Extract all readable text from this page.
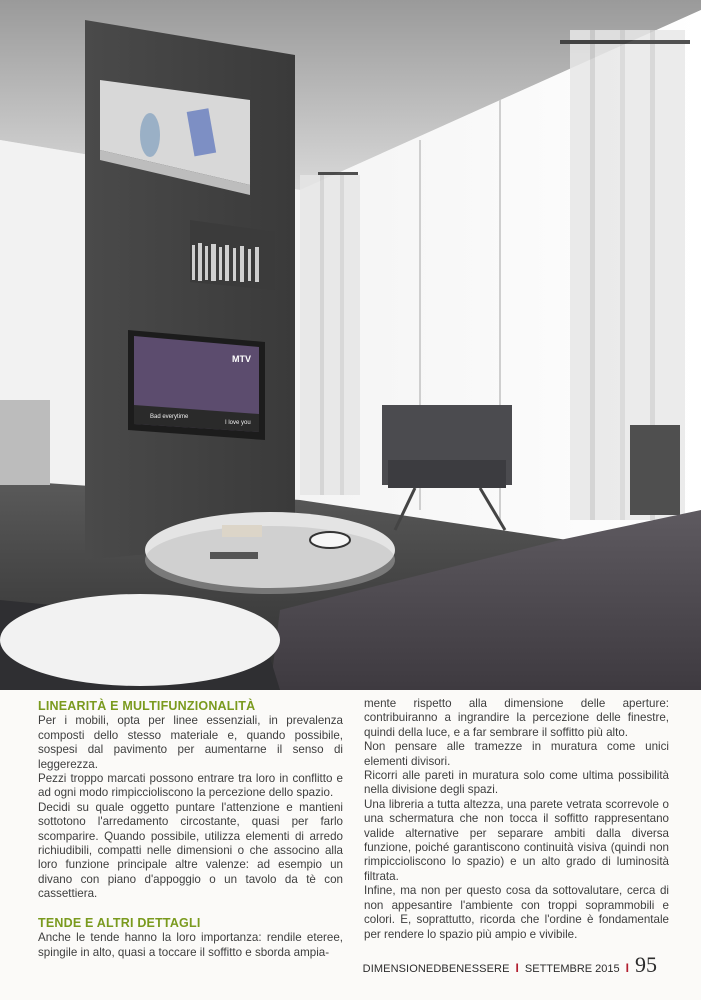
Bad everytime
I love you
MTV
LINEARITÀ E MULTIFUNZIONALITÀ

Per i mobili, opta per linee essenziali, in prevalenza composti dello stesso materiale e, quando possibile, sospesi dal pavimento per aumentarne il senso di leggerezza.

Pezzi troppo marcati possono entrare tra loro in conflitto e ad ogni modo rimpiccioliscono la percezione dello spazio.

Decidi su quale oggetto puntare l'attenzione e mantieni sottotono l'arredamento circostante, quasi per farlo scomparire. Quando possibile, utilizza elementi di arredo richiudibili, compatti nelle dimensioni o che associno alla loro funzione principale altre valenze: ad esempio un divano con piano d'appoggio o un tavolo da tè con cassettiera.

TENDE E ALTRI DETTAGLI

Anche le tende hanno la loro importanza: rendile eteree, spingile in alto, quasi a toccare il soffitto e sborda ampia-

mente rispetto alla dimensione delle aperture: contribuiranno a ingrandire la percezione delle finestre, quindi della luce, e a far sembrare il soffitto più alto.

Non pensare alle tramezze in muratura come unici elementi divisori.

Ricorri alle pareti in muratura solo come ultima possibilità nella divisione degli spazi.

Una libreria a tutta altezza, una parete vetrata scorrevole o una schermatura che non tocca il soffitto rappresentano valide alternative per separare ambiti dalla diversa funzione, poiché garantiscono continuità visiva (quindi non rimpiccioliscono lo spazio) e un alto grado di luminosità filtrata.

Infine, ma non per questo cosa da sottovalutare, cerca di non appesantire l'ambiente con troppi soprammobili e colori. E, soprattutto, ricorda che l'ordine è fondamentale per rendere lo spazio più ampio e vivibile.

DIMENSIONEDBENESSERE I SETTEMBRE 2015 I 95
